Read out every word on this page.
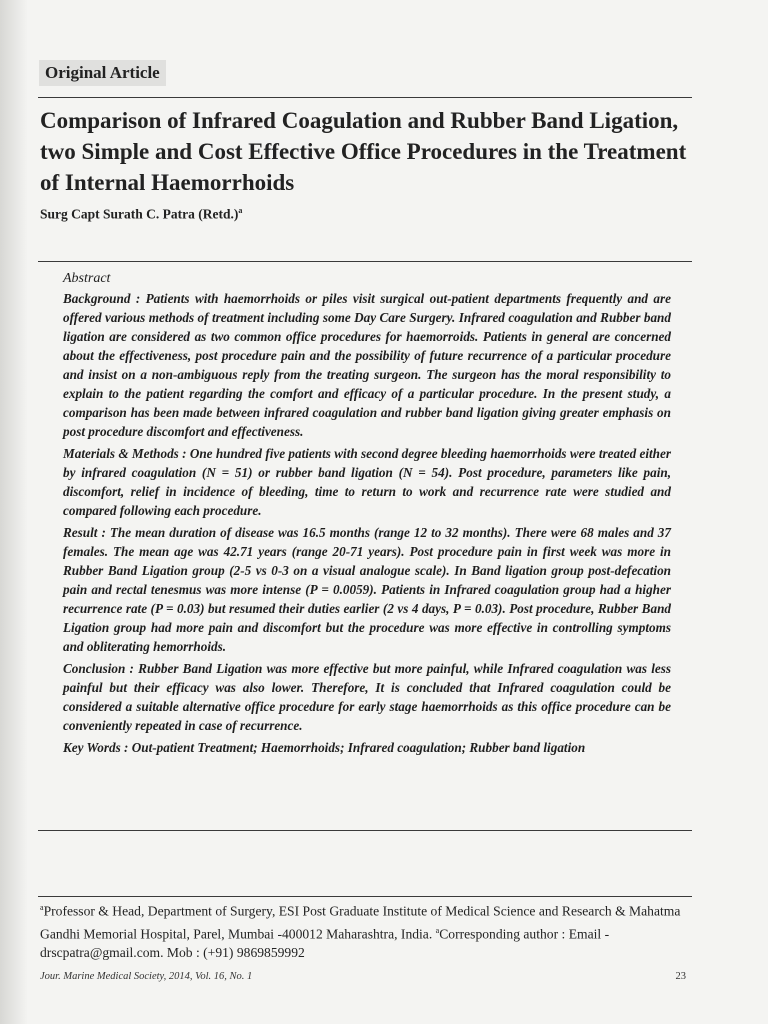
Original Article
Comparison of Infrared Coagulation and Rubber Band Ligation, two Simple and Cost Effective Office Procedures in the Treatment of Internal Haemorrhoids
Surg Capt Surath C. Patra (Retd.)$^a$

Abstract

Background : Patients with haemorrhoids or piles visit surgical out-patient departments frequently and are offered various methods of treatment including some Day Care Surgery. Infrared coagulation and Rubber band ligation are considered as two common office procedures for haemorroids. Patients in general are concerned about the effectiveness, post procedure pain and the possibility of future recurrence of a particular procedure and insist on a non-ambiguous reply from the treating surgeon. The surgeon has the moral responsibility to explain to the patient regarding the comfort and efficacy of a particular procedure. In the present study, a comparison has been made between infrared coagulation and rubber band ligation giving greater emphasis on post procedure discomfort and effectiveness.

Materials & Methods : One hundred five patients with second degree bleeding haemorrhoids were treated either by infrared coagulation (N = 51) or rubber band ligation (N = 54). Post procedure, parameters like pain, discomfort, relief in incidence of bleeding, time to return to work and recurrence rate were studied and compared following each procedure.

Result : The mean duration of disease was 16.5 months (range 12 to 32 months). There were 68 males and 37 females. The mean age was 42.71 years (range 20-71 years). Post procedure pain in first week was more in Rubber Band Ligation group (2-5 vs 0-3 on a visual analogue scale). In Band ligation group post-defecation pain and rectal tenesmus was more intense (P = 0.0059). Patients in Infrared coagulation group had a higher recurrence rate (P = 0.03) but resumed their duties earlier (2 vs 4 days, P = 0.03). Post procedure, Rubber Band Ligation group had more pain and discomfort but the procedure was more effective in controlling symptoms and obliterating hemorrhoids.

Conclusion : Rubber Band Ligation was more effective but more painful, while Infrared coagulation was less painful but their efficacy was also lower. Therefore, It is concluded that Infrared coagulation could be considered a suitable alternative office procedure for early stage haemorrhoids as this office procedure can be conveniently repeated in case of recurrence.

Key Words : Out-patient Treatment; Haemorrhoids; Infrared coagulation; Rubber band ligation

$^a$Professor & Head, Department of Surgery, ESI Post Graduate Institute of Medical Science and Research & Mahatma Gandhi Memorial Hospital, Parel, Mumbai -400012 Maharashtra, India. $^a$Corresponding author : Email - drscpatra@gmail.com. Mob : (+91) 9869859992
Jour. Marine Medical Society, 2014, Vol. 16, No. 1	23
